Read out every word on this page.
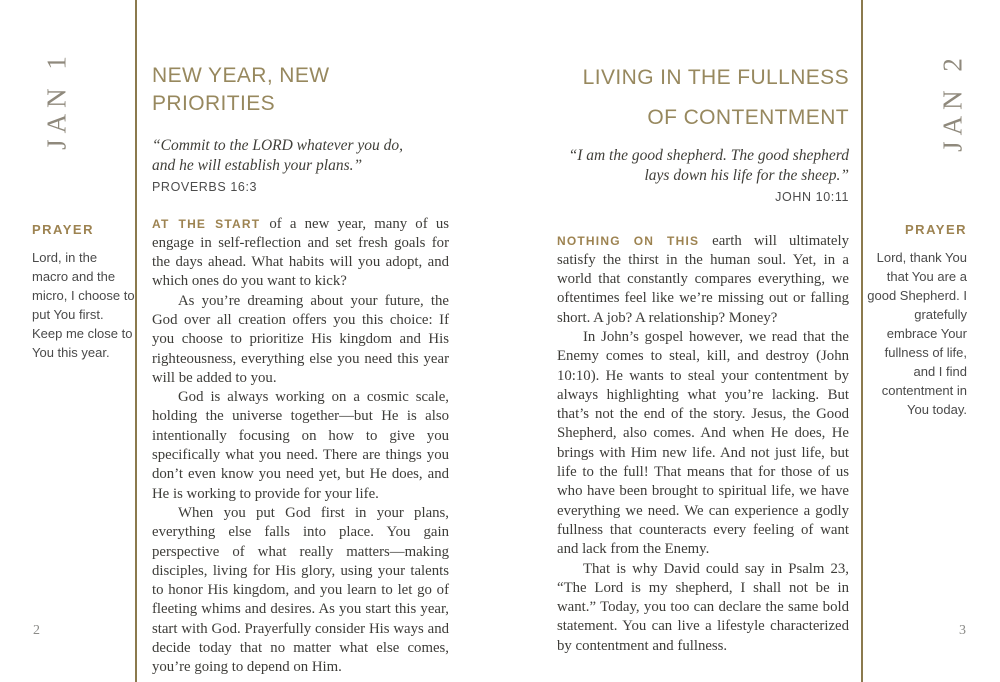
JAN 1	JAN 2
PRAYER
Lord, in the macro and the micro, I choose to put You first. Keep me close to You this year.
PRAYER
Lord, thank You that You are a good Shepherd. I gratefully embrace Your fullness of life, and I find contentment in You today.
NEW YEAR, NEW PRIORITIES
“Commit to the LORD whatever you do,
and he will establish your plans.”
PROVERBS 16:3

AT THE START of a new year, many of us engage in self-reflection and set fresh goals for the days ahead. What habits will you adopt, and which ones do you want to kick?

As you’re dreaming about your future, the God over all creation offers you this choice: If you choose to prioritize His kingdom and His righteousness, everything else you need this year will be added to you.

God is always working on a cosmic scale, holding the universe together—but He is also intentionally focusing on how to give you specifically what you need. There are things you don’t even know you need yet, but He does, and He is working to provide for your life.

When you put God first in your plans, everything else falls into place. You gain perspective of what really matters—making disciples, living for His glory, using your talents to honor His kingdom, and you learn to let go of fleeting whims and desires. As you start this year, start with God. Prayerfully consider His ways and decide today that no matter what else comes, you’re going to depend on Him.

LIVING IN THE FULLNESS
OF CONTENTMENT
“I am the good shepherd. The good shepherd
lays down his life for the sheep.”
JOHN 10:11

NOTHING ON THIS earth will ultimately satisfy the thirst in the human soul. Yet, in a world that constantly compares everything, we oftentimes feel like we’re missing out or falling short. A job? A relationship? Money?

In John’s gospel however, we read that the Enemy comes to steal, kill, and destroy (John 10:10). He wants to steal your contentment by always highlighting what you’re lacking. But that’s not the end of the story. Jesus, the Good Shepherd, also comes. And when He does, He brings with Him new life. And not just life, but life to the full! That means that for those of us who have been brought to spiritual life, we have everything we need. We can experience a godly fullness that counteracts every feeling of want and lack from the Enemy.

That is why David could say in Psalm 23, “The Lord is my shepherd, I shall not be in want.” Today, you too can declare the same bold statement. You can live a lifestyle characterized by contentment and fullness.

2	3
